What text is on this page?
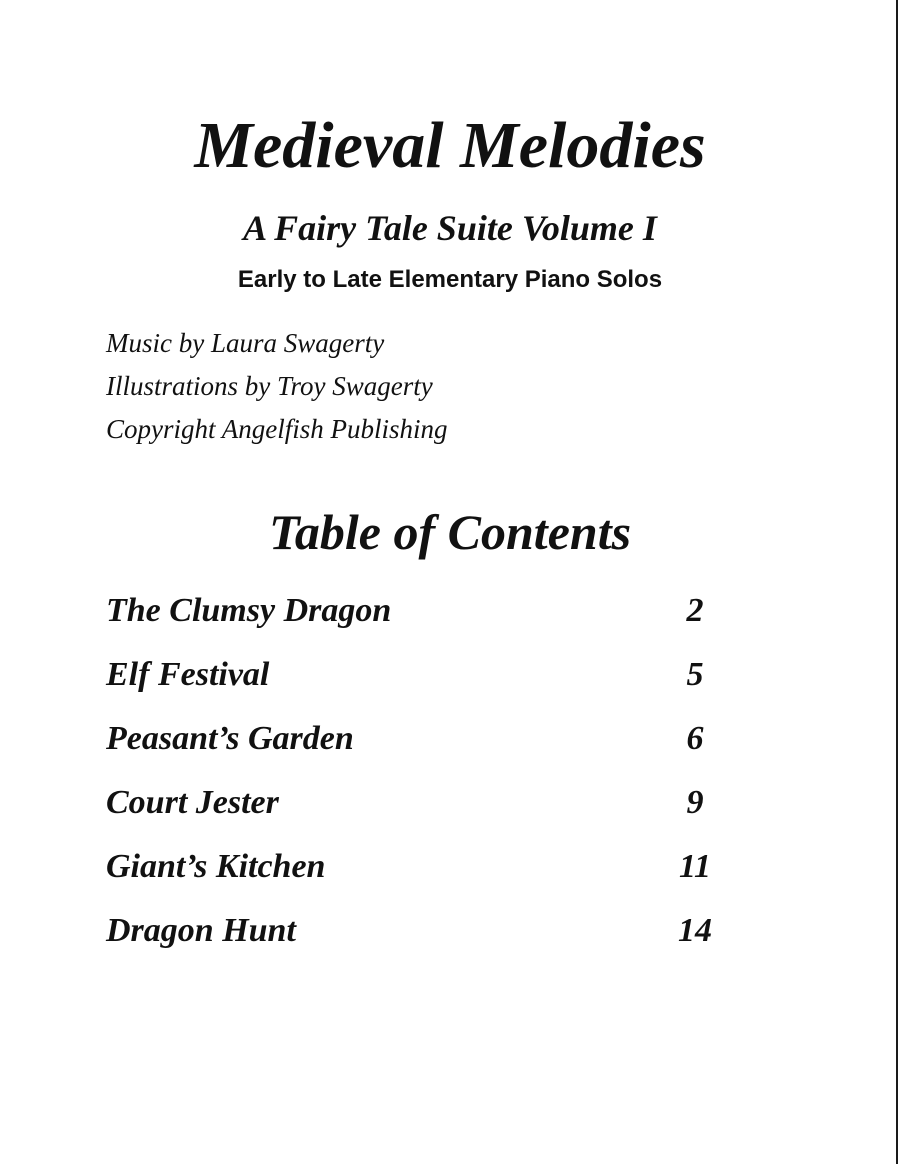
Medieval Melodies
A Fairy Tale Suite Volume I

Early to Late Elementary Piano Solos

Music by Laura Swagerty
Illustrations by Troy Swagerty
Copyright Angelfish Publishing
Table of Contents
The Clumsy Dragon	2
Elf Festival	5
Peasant’s Garden	6
Court Jester	9
Giant’s Kitchen	11
Dragon Hunt	14
